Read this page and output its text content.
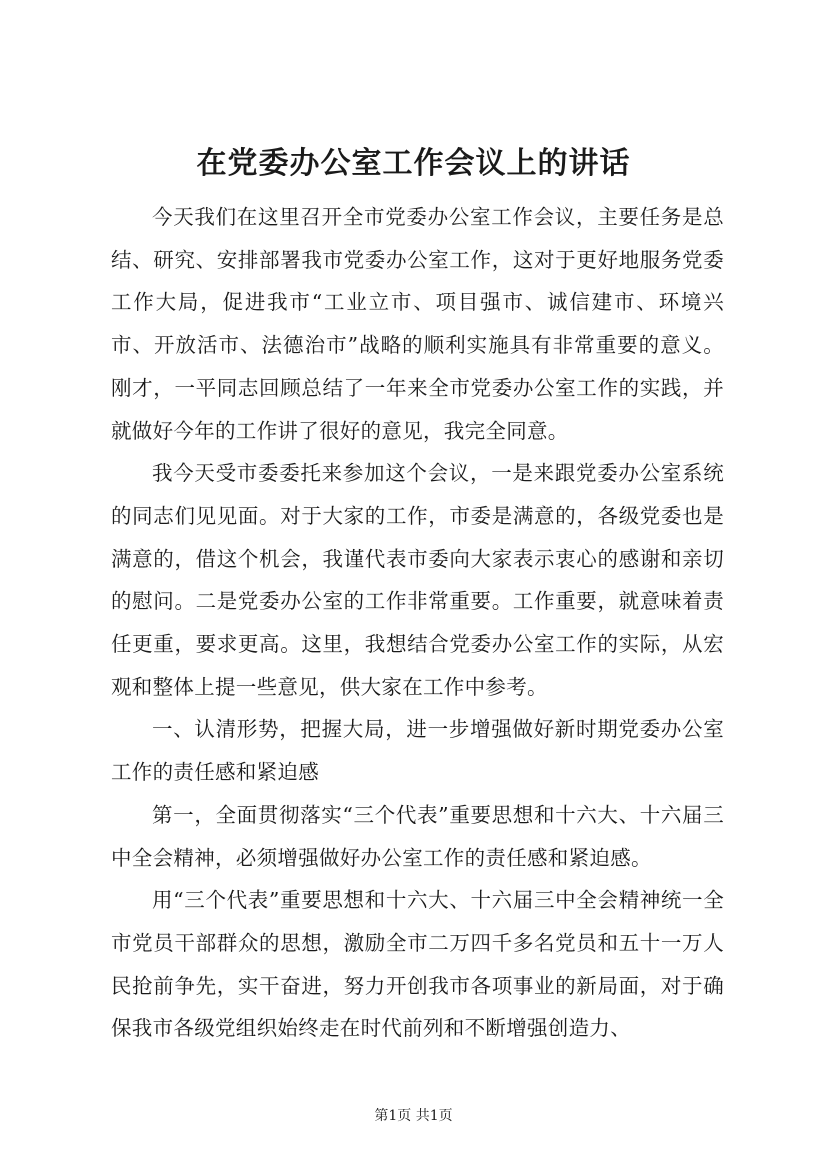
在党委办公室工作会议上的讲话

今天我们在这里召开全市党委办公室工作会议，主要任务是总结、研究、安排部署我市党委办公室工作，这对于更好地服务党委工作大局，促进我市“工业立市、项目强市、诚信建市、环境兴市、开放活市、法德治市”战略的顺利实施具有非常重要的意义。刚才，一平同志回顾总结了一年来全市党委办公室工作的实践，并就做好今年的工作讲了很好的意见，我完全同意。

我今天受市委委托来参加这个会议，一是来跟党委办公室系统的同志们见见面。对于大家的工作，市委是满意的，各级党委也是满意的，借这个机会，我谨代表市委向大家表示衷心的感谢和亲切的慰问。二是党委办公室的工作非常重要。工作重要，就意味着责任更重，要求更高。这里，我想结合党委办公室工作的实际，从宏观和整体上提一些意见，供大家在工作中参考。

一、认清形势，把握大局，进一步增强做好新时期党委办公室工作的责任感和紧迫感

第一，全面贯彻落实“三个代表”重要思想和十六大、十六届三中全会精神，必须增强做好办公室工作的责任感和紧迫感。

用“三个代表”重要思想和十六大、十六届三中全会精神统一全市党员干部群众的思想，激励全市二万四千多名党员和五十一万人民抢前争先，实干奋进，努力开创我市各项事业的新局面，对于确保我市各级党组织始终走在时代前列和不断增强创造力、

第1页 共1页
